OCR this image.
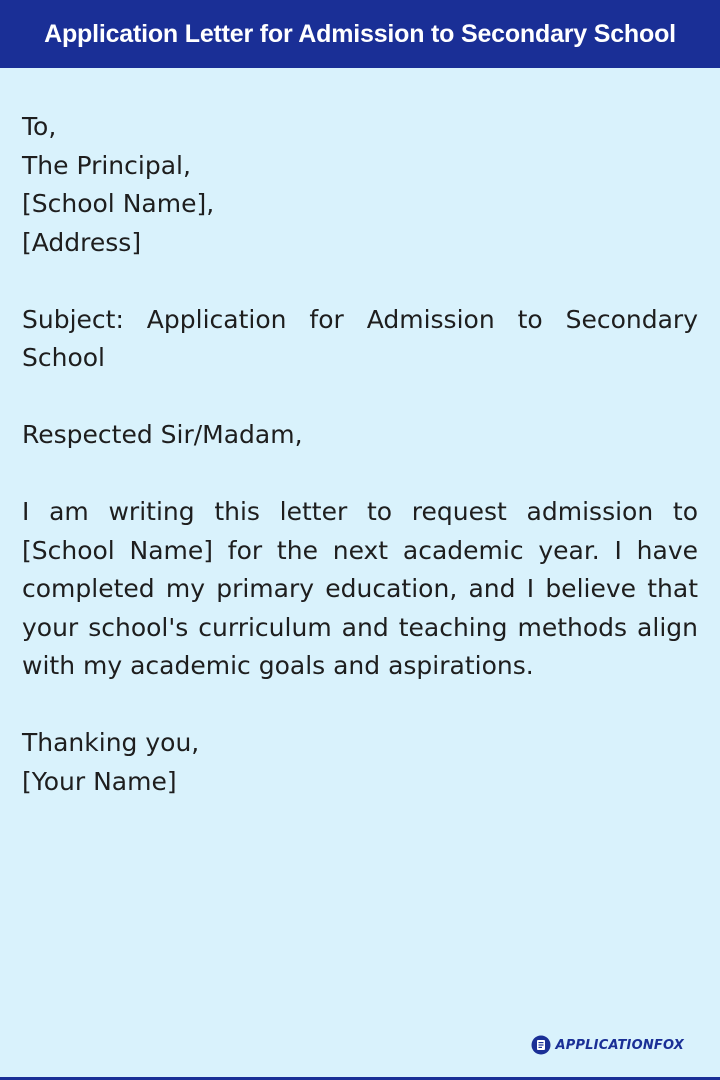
Application Letter for Admission to Secondary School

To,

The Principal,

[School Name],

[Address]

Subject: Application for Admission to Secondary School

Respected Sir/Madam,

I am writing this letter to request admission to [School Name] for the next academic year. I have completed my primary education, and I believe that your school's curriculum and teaching methods align with my academic goals and aspirations.

Thanking you,

[Your Name]

APPLICATIONFOX
